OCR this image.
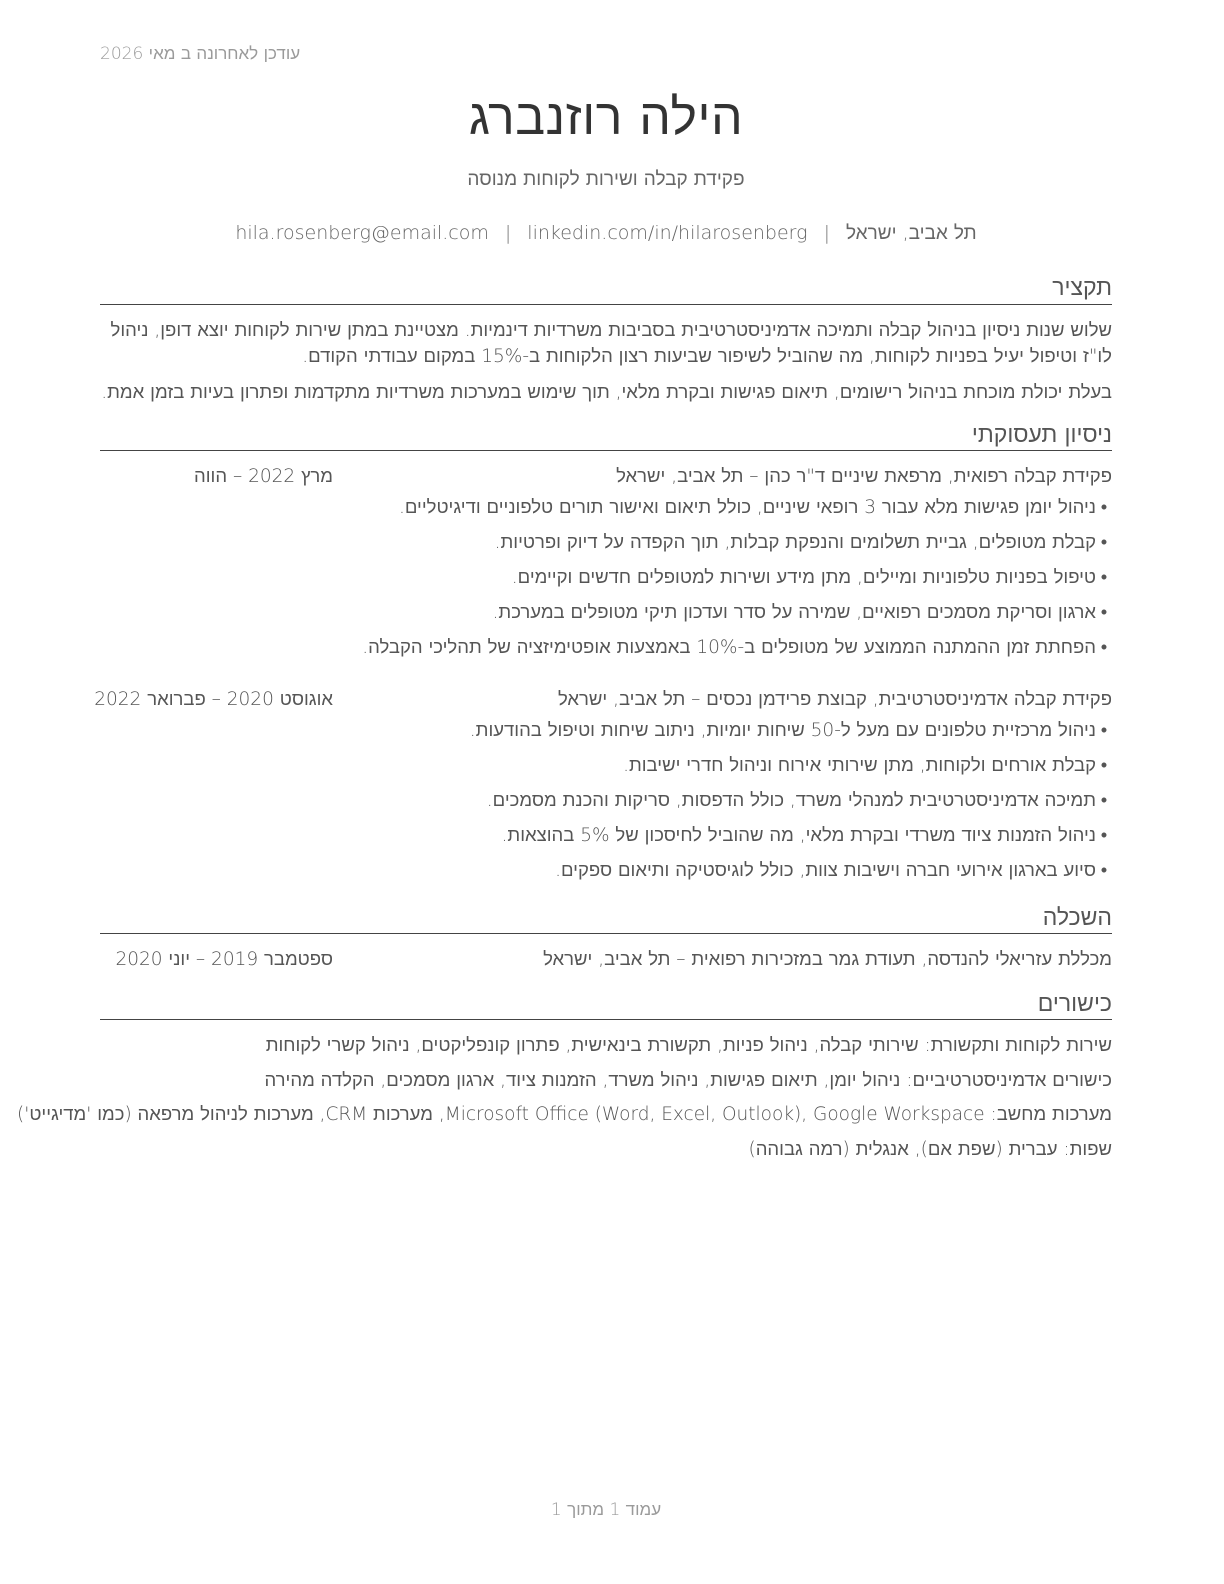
עודכן לאחרונה ב מאי 2026
הילה רוזנברג
פקידת קבלה ושירות לקוחות מנוסה
תל אביב, ישראל|hila.rosenberg@email.com | linkedin.com/in/hilarosenberg
תקציר
שלוש שנות ניסיון בניהול קבלה ותמיכה אדמיניסטרטיבית בסביבות משרדיות דינמיות. מצטיינת במתן שירות לקוחות יוצא דופן, ניהול לו"ז וטיפול יעיל בפניות לקוחות, מה שהוביל לשיפור שביעות רצון הלקוחות ב-15% במקום עבודתי הקודם.
בעלת יכולת מוכחת בניהול רישומים, תיאום פגישות ובקרת מלאי, תוך שימוש במערכות משרדיות מתקדמות ופתרון בעיות בזמן אמת.
ניסיון תעסוקתי
פקידת קבלה רפואית, מרפאת שיניים ד"ר כהן – תל אביב, ישראל
מרץ 2022 – הווה
•ניהול יומן פגישות מלא עבור 3 רופאי שיניים, כולל תיאום ואישור תורים טלפוניים ודיגיטליים.
•קבלת מטופלים, גביית תשלומים והנפקת קבלות, תוך הקפדה על דיוק ופרטיות.
•טיפול בפניות טלפוניות ומיילים, מתן מידע ושירות למטופלים חדשים וקיימים.
•ארגון וסריקת מסמכים רפואיים, שמירה על סדר ועדכון תיקי מטופלים במערכת.
•הפחתת זמן ההמתנה הממוצע של מטופלים ב-10% באמצעות אופטימיזציה של תהליכי הקבלה.
פקידת קבלה אדמיניסטרטיבית, קבוצת פרידמן נכסים – תל אביב, ישראל
אוגוסט 2020 – פברואר 2022
•ניהול מרכזיית טלפונים עם מעל ל-50 שיחות יומיות, ניתוב שיחות וטיפול בהודעות.
•קבלת אורחים ולקוחות, מתן שירותי אירוח וניהול חדרי ישיבות.
•תמיכה אדמיניסטרטיבית למנהלי משרד, כולל הדפסות, סריקות והכנת מסמכים.
•ניהול הזמנות ציוד משרדי ובקרת מלאי, מה שהוביל לחיסכון של 5% בהוצאות.
•סיוע בארגון אירועי חברה וישיבות צוות, כולל לוגיסטיקה ותיאום ספקים.
השכלה
מכללת עזריאלי להנדסה, תעודת גמר במזכירות רפואית – תל אביב, ישראל
ספטמבר 2019 – יוני 2020
כישורים
שירות לקוחות ותקשורת: שירותי קבלה, ניהול פניות, תקשורת בינאישית, פתרון קונפליקטים, ניהול קשרי לקוחות
כישורים אדמיניסטרטיביים: ניהול יומן, תיאום פגישות, ניהול משרד, הזמנות ציוד, ארגון מסמכים, הקלדה מהירה
מערכות מחשב: Microsoft Office (Word, Excel, Outlook), Google Workspace, מערכות CRM, מערכות לניהול מרפאה (כמו 'מדיגייט')
שפות: עברית (שפת אם), אנגלית (רמה גבוהה)
עמוד 1 מתוך 1
